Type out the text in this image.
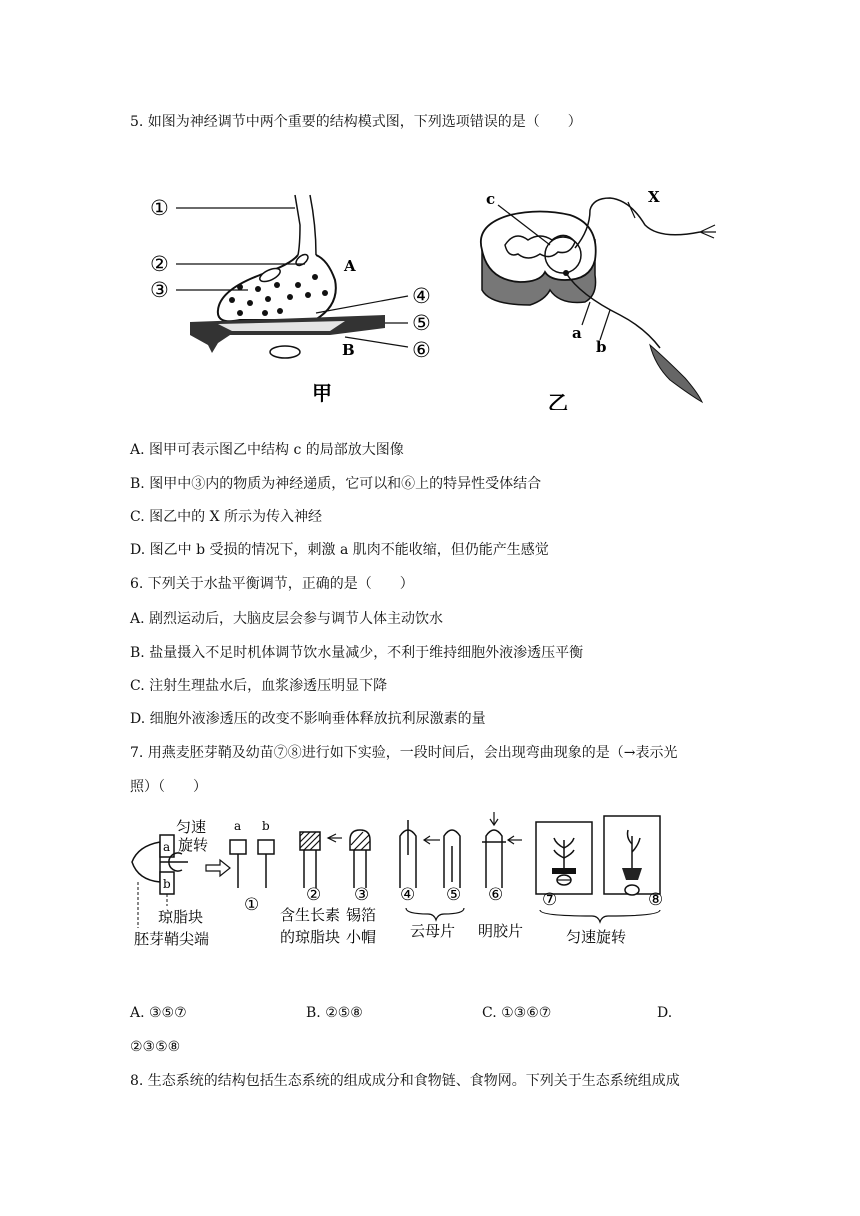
5. 如图为神经调节中两个重要的结构模式图，下列选项错误的是（　　）
①
②
③	④
⑤
⑥
A
B
甲
c	X
a
b
乙
A. 图甲可表示图乙中结构 c 的局部放大图像
B. 图甲中③内的物质为神经递质，它可以和⑥上的特异性受体结合
C. 图乙中的 X 所示为传入神经
D. 图乙中 b 受损的情况下，刺激 a 肌肉不能收缩，但仍能产生感觉
6. 下列关于水盐平衡调节，正确的是（　　）
A. 剧烈运动后，大脑皮层会参与调节人体主动饮水
B. 盐量摄入不足时机体调节饮水量减少，不利于维持细胞外液渗透压平衡
C. 注射生理盐水后，血浆渗透压明显下降
D. 细胞外液渗透压的改变不影响垂体释放抗利尿激素的量
7. 用燕麦胚芽鞘及幼苗⑦⑧进行如下实验，一段时间后，会出现弯曲现象的是（→表示光
照）（　　）
a
b
匀速
旋转
琼脂块
胚芽鞘尖端
a b
①	②
含生长素
的琼脂块
③
锡箔
小帽
④ ⑤
云母片
⑥
明胶片
⑦	⑧
匀速旋转
A. ③⑤⑦	B. ②⑤⑧	C. ①③⑥⑦	D.
②③⑤⑧
8. 生态系统的结构包括生态系统的组成成分和食物链、食物网。下列关于生态系统组成成
